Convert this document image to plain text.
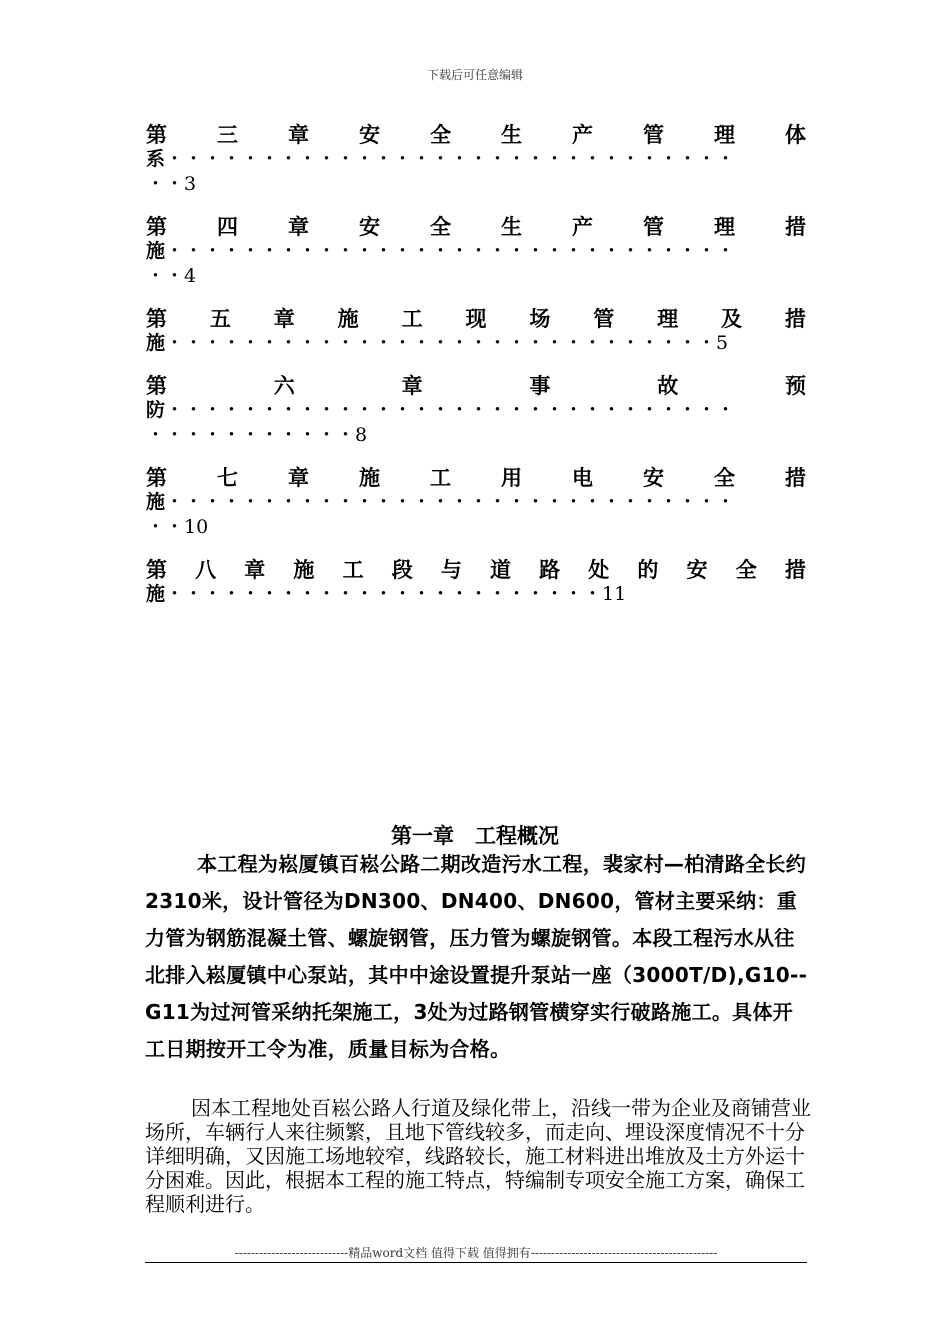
下载后可任意编辑
第 三 章 安 全 生 产 管 理 体
系・・・・・・・・・・・・・・・・・・・・・・・・・・・・・・
・・3
第 四 章 安 全 生 产 管 理 措
施・・・・・・・・・・・・・・・・・・・・・・・・・・・・・・
・・4
第 五 章 施 工 现 场 管 理 及 措
施・・・・・・・・・・・・・・・・・・・・・・・・・・・・・5
第	六	章	事	故	预
防・・・・・・・・・・・・・・・・・・・・・・・・・・・・・・
・・・・・・・・・・・8
第 七 章 施 工 用 电 安 全 措
施・・・・・・・・・・・・・・・・・・・・・・・・・・・・・・
・・10
第 八 章 施 工 段 与 道 路 处 的 安 全 措
施・・・・・・・・・・・・・・・・・・・・・・・11
第一章　工程概况
本工程为崧厦镇百崧公路二期改造污水工程，裴家村—柏清路全长约2310米，设计管径为DN300、DN400、DN600，管材主要采纳：重力管为钢筋混凝土管、螺旋钢管，压力管为螺旋钢管。本段工程污水从往北排入崧厦镇中心泵站，其中中途设置提升泵站一座（3000T/D),G10--G11为过河管采纳托架施工，3处为过路钢管横穿实行破路施工。具体开工日期按开工令为准，质量目标为合格。
因本工程地处百崧公路人行道及绿化带上，沿线一带为企业及商铺营业场所，车辆行人来往频繁，且地下管线较多，而走向、埋设深度情况不十分详细明确，又因施工场地较窄，线路较长，施工材料进出堆放及土方外运十分困难。因此，根据本工程的施工特点，特编制专项安全施工方案，确保工程顺利进行。
----------------------------精品word文档 值得下载 值得拥有----------------------------------------------
